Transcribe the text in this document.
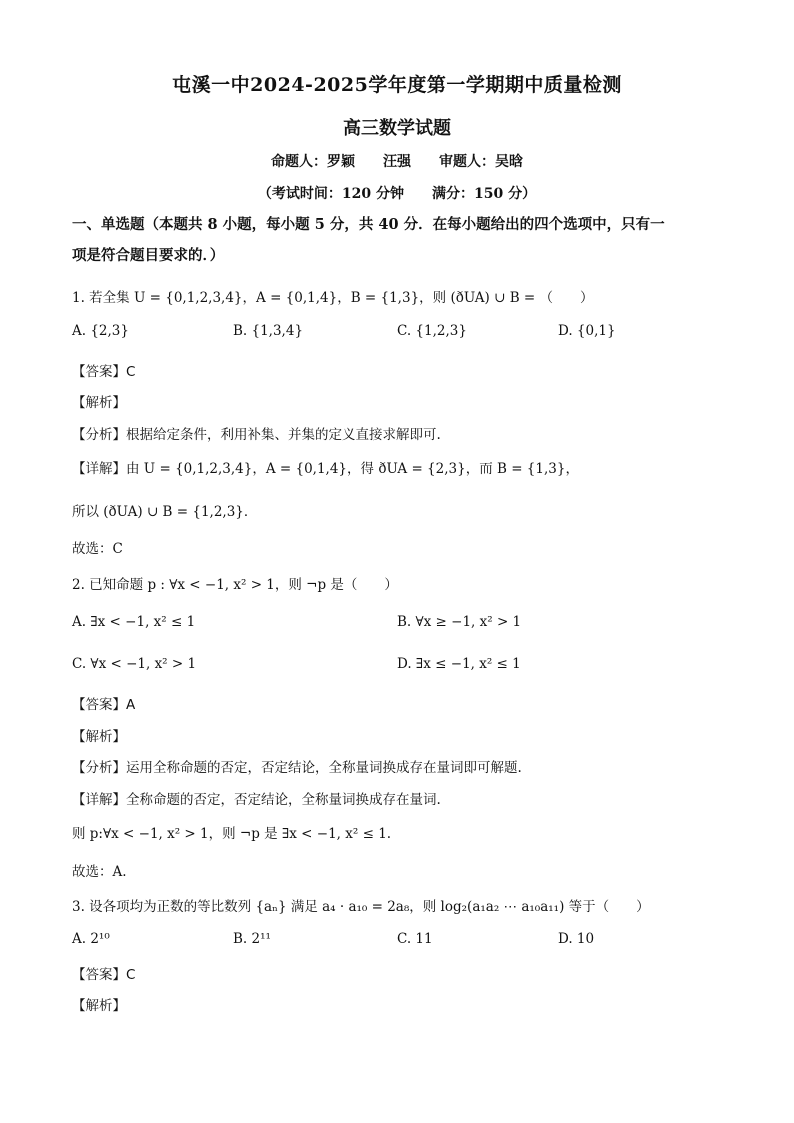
屯溪一中2024-2025学年度第一学期期中质量检测
高三数学试题
命题人：罗颖　　汪强　　审题人：吴晗
（考试时间：120 分钟　　满分：150 分）
一、单选题（本题共 8 小题，每小题 5 分，共 40 分．在每小题给出的四个选项中，只有一
项是符合题目要求的．）
1. 若全集 U = {0,1,2,3,4}，A = {0,1,4}，B = {1,3}，则 (ðUA) ∪ B = （　　）
A. {2,3}	B. {1,3,4}	C. {1,2,3}	D. {0,1}
【答案】C
【解析】
【分析】根据给定条件，利用补集、并集的定义直接求解即可.
【详解】由 U = {0,1,2,3,4}，A = {0,1,4}，得 ðUA = {2,3}，而 B = {1,3}，
所以 (ðUA) ∪ B = {1,2,3}．
故选：C
2. 已知命题 p : ∀x < −1, x² > 1，则 ¬p 是（　　）
A. ∃x < −1, x² ≤ 1	B. ∀x ≥ −1, x² > 1
C. ∀x < −1, x² > 1	D. ∃x ≤ −1, x² ≤ 1
【答案】A
【解析】
【分析】运用全称命题的否定，否定结论，全称量词换成存在量词即可解题.
【详解】全称命题的否定，否定结论，全称量词换成存在量词.
则 p:∀x < −1, x² > 1，则 ¬p 是 ∃x < −1, x² ≤ 1.
故选：A.
3. 设各项均为正数的等比数列 {aₙ} 满足 a₄ · a₁₀ = 2a₈，则 log₂(a₁a₂ ⋯ a₁₀a₁₁) 等于（　　）
A. 2¹⁰	B. 2¹¹	C. 11	D. 10
【答案】C
【解析】
